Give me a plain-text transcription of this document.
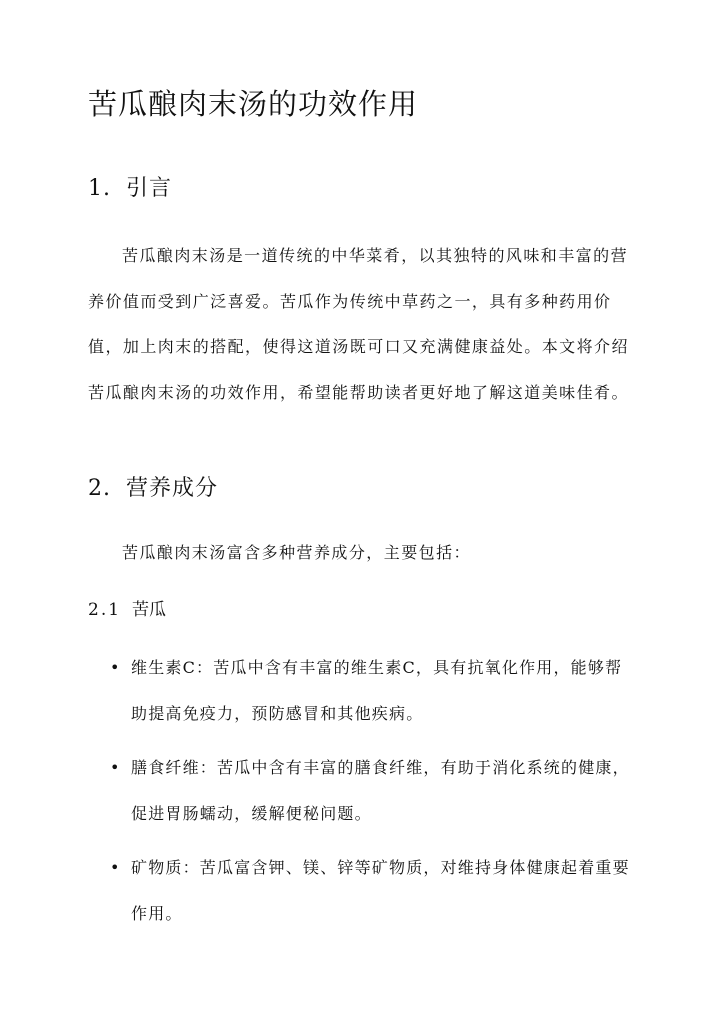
苦瓜酿肉末汤的功效作用
1. 引言

苦瓜酿肉末汤是一道传统的中华菜肴，以其独特的风味和丰富的营养价值而受到广泛喜爱。苦瓜作为传统中草药之一，具有多种药用价值，加上肉末的搭配，使得这道汤既可口又充满健康益处。本文将介绍苦瓜酿肉末汤的功效作用，希望能帮助读者更好地了解这道美味佳肴。

2. 营养成分

苦瓜酿肉末汤富含多种营养成分，主要包括：

2.1 苦瓜
• 维生素C：苦瓜中含有丰富的维生素C，具有抗氧化作用，能够帮助提高免疫力，预防感冒和其他疾病。
• 膳食纤维：苦瓜中含有丰富的膳食纤维，有助于消化系统的健康，促进胃肠蠕动，缓解便秘问题。
• 矿物质：苦瓜富含钾、镁、锌等矿物质，对维持身体健康起着重要作用。
